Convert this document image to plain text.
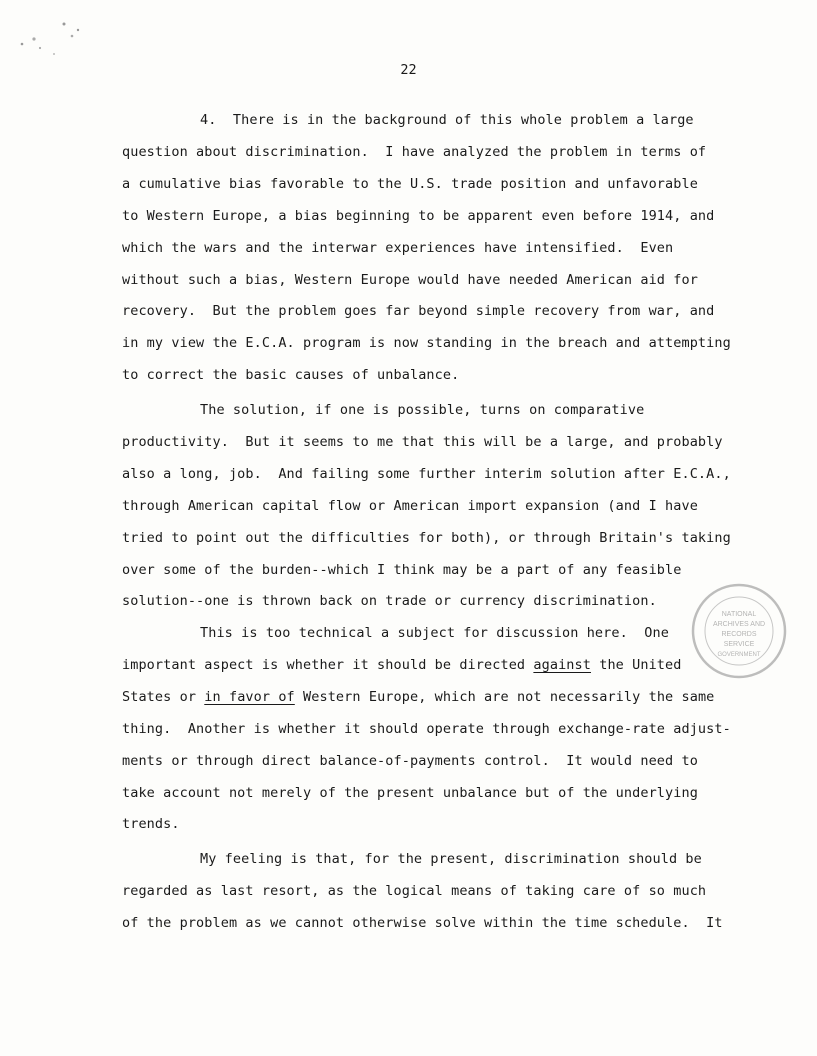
22
4.  There is in the background of this whole problem a large
question about discrimination.  I have analyzed the problem in terms of
a cumulative bias favorable to the U.S. trade position and unfavorable
to Western Europe, a bias beginning to be apparent even before 1914, and
which the wars and the interwar experiences have intensified.  Even
without such a bias, Western Europe would have needed American aid for
recovery.  But the problem goes far beyond simple recovery from war, and
in my view the E.C.A. program is now standing in the breach and attempting
to correct the basic causes of unbalance.
The solution, if one is possible, turns on comparative
productivity.  But it seems to me that this will be a large, and probably
also a long, job.  And failing some further interim solution after E.C.A.,
through American capital flow or American import expansion (and I have
tried to point out the difficulties for both), or through Britain's taking
over some of the burden--which I think may be a part of any feasible
solution--one is thrown back on trade or currency discrimination.
This is too technical a subject for discussion here.  One
important aspect is whether it should be directed against the United
States or in favor of Western Europe, which are not necessarily the same
thing.  Another is whether it should operate through exchange-rate adjust-
ments or through direct balance-of-payments control.  It would need to
take account not merely of the present unbalance but of the underlying
trends.
My feeling is that, for the present, discrimination should be
regarded as last resort, as the logical means of taking care of so much
of the problem as we cannot otherwise solve within the time schedule.  It
NATIONAL
ARCHIVES AND
RECORDS
SERVICE
GOVERNMENT
